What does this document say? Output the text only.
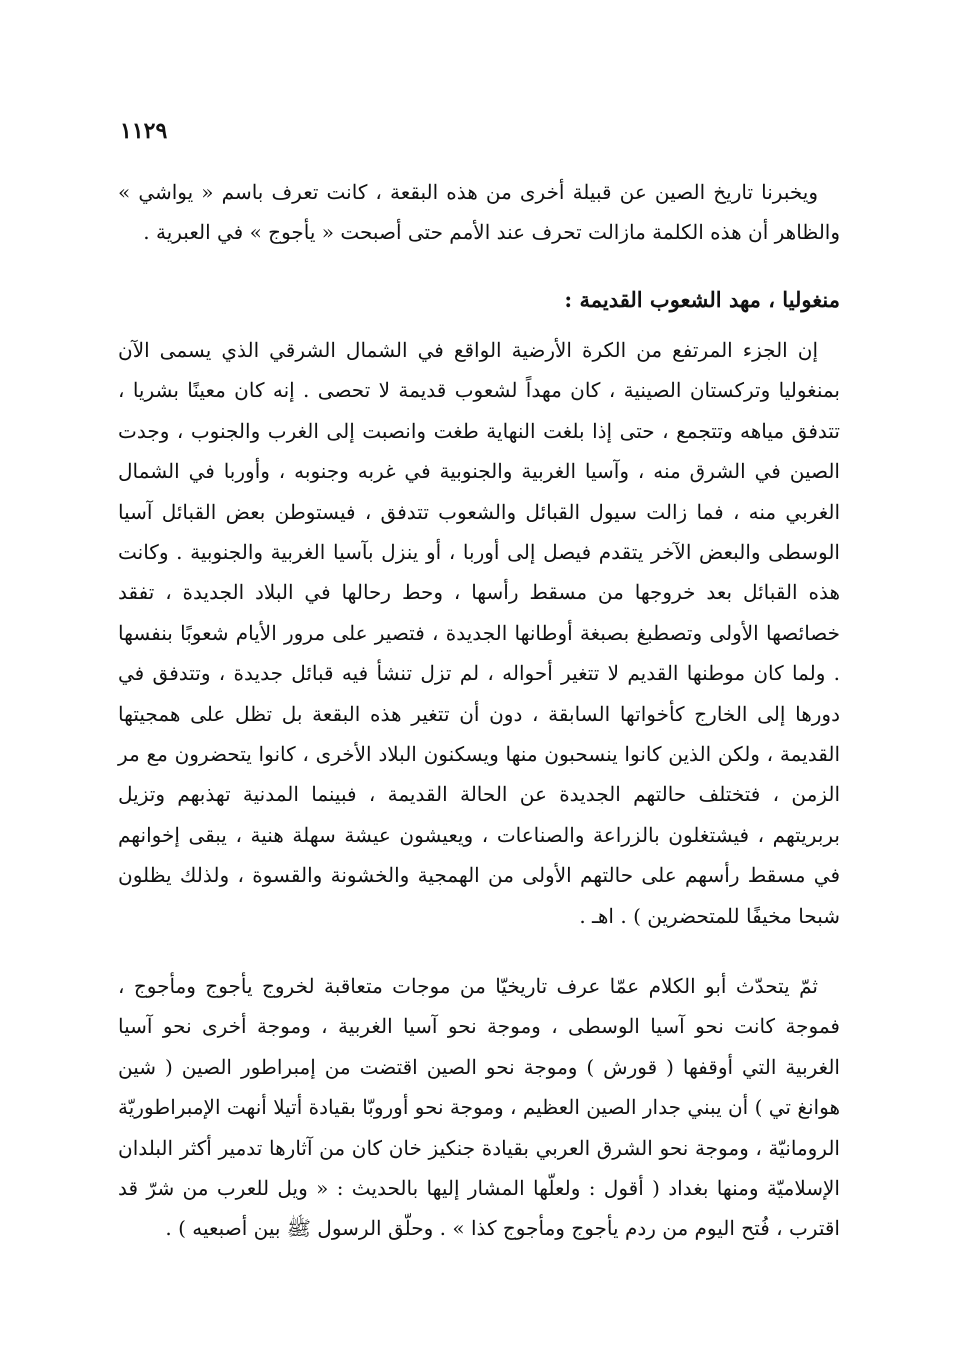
١١٢٩

ويخبرنا تاريخ الصين عن قبيلة أخرى من هذه البقعة ، كانت تعرف باسم « يواشي » والظاهر أن هذه الكلمة مازالت تحرف عند الأمم حتى أصبحت « يأجوج » في العبرية .

منغوليا ، مهد الشعوب القديمة :

إن الجزء المرتفع من الكرة الأرضية الواقع في الشمال الشرقي الذي يسمى الآن بمنغوليا وتركستان الصينية ، كان مهداً لشعوب قديمة لا تحصى . إنه كان معينًا بشريا ، تتدفق مياهه وتتجمع ، حتى إذا بلغت النهاية طغت وانصبت إلى الغرب والجنوب ، وجدت الصين في الشرق منه ، وآسيا الغربية والجنوبية في غربه وجنوبه ، وأوربا في الشمال الغربي منه ، فما زالت سيول القبائل والشعوب تتدفق ، فيستوطن بعض القبائل آسيا الوسطى والبعض الآخر يتقدم فيصل إلى أوربا ، أو ينزل بآسيا الغربية والجنوبية . وكانت هذه القبائل بعد خروجها من مسقط رأسها ، وحط رحالها في البلاد الجديدة ، تفقد خصائصها الأولى وتصطبغ بصبغة أوطانها الجديدة ، فتصير على مرور الأيام شعوبًا بنفسها . ولما كان موطنها القديم لا تتغير أحواله ، لم تزل تنشأ فيه قبائل جديدة ، وتتدفق في دورها إلى الخارج كأخواتها السابقة ، دون أن تتغير هذه البقعة بل تظل على همجيتها القديمة ، ولكن الذين كانوا ينسحبون منها ويسكنون البلاد الأخرى ، كانوا يتحضرون مع مر الزمن ، فتختلف حالتهم الجديدة عن الحالة القديمة ، فبينما المدنية تهذبهم وتزيل بربريتهم ، فيشتغلون بالزراعة والصناعات ، ويعيشون عيشة سهلة هنية ، يبقى إخوانهم في مسقط رأسهم على حالتهم الأولى من الهمجية والخشونة والقسوة ، ولذلك يظلون شبحا مخيفًا للمتحضرين ) . اهـ .

ثمّ يتحدّث أبو الكلام عمّا عرف تاريخيّا من موجات متعاقبة لخروج يأجوج ومأجوج ، فموجة كانت نحو آسيا الوسطى ، وموجة نحو آسيا الغربية ، وموجة أخرى نحو آسيا الغربية التي أوقفها ( قورش ) وموجة نحو الصين اقتضت من إمبراطور الصين ( شين هوانغ تي ) أن يبني جدار الصين العظيم ، وموجة نحو أوروبّا بقيادة أتيلا أنهت الإمبراطوريّة الرومانيّة ، وموجة نحو الشرق العربي بقيادة جنكيز خان كان من آثارها تدمير أكثر البلدان الإسلاميّة ومنها بغداد ( أقول : ولعلّها المشار إليها بالحديث : « ويل للعرب من شرّ قد اقترب ، فُتح اليوم من ردم يأجوج ومأجوج كذا » . وحلّق الرسول ﷺ بين أصبعيه ) .
